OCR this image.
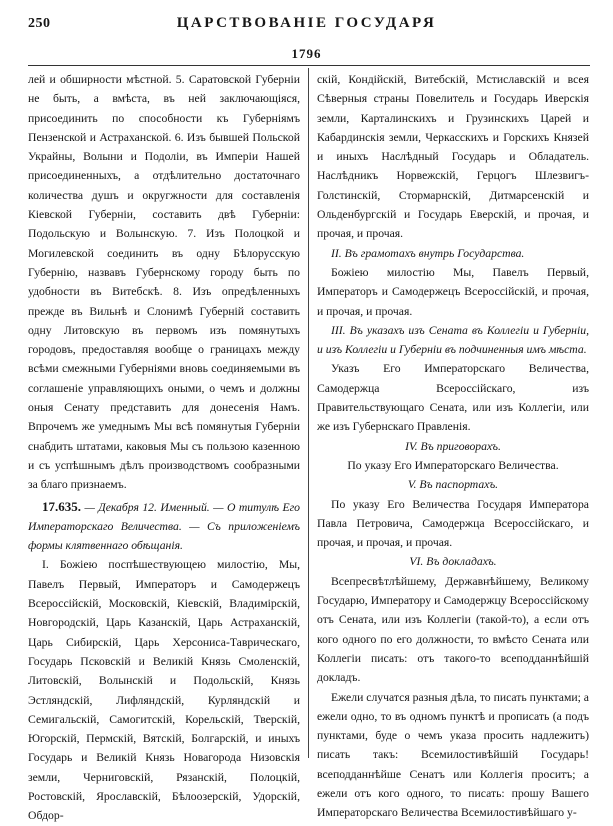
250	ЦАРСТВОВАНІЕ ГОСУДАРЯ
1796

лей и обширности мѣстной. 5. Саратовской Губерніи не быть, а вмѣста, въ ней заключающіяся, присоединить по способности къ Губерніямъ Пензенской и Астраханской. 6. Изъ бывшей Польской Украйны, Волыни и Подоліи, въ Имперіи Нашей присоединенныхъ, а отдѣлительно достаточнаго количества душъ и округжности для составленія Кіевской Губерніи, составить двѣ Губерніи: Подольскую и Волынскую. 7. Изъ Полоцкой и Могилевской соединить въ одну Бѣлорусскую Губернію, назвавъ Губернскому городу быть по удобности въ Витебскѣ. 8. Изъ опредѣленныхъ прежде въ Вильнѣ и Слонимѣ Губерній составить одну Литовскую въ первомъ изъ помянутыхъ городовъ, предоставляя вообще о границахъ между всѣми смежными Губерніями вновь соединяемыми въ соглашеніе управляющихъ оными, о чемъ и должны оныя Сенату представить для донесенія Намъ. Впрочемъ же умеднымъ Мы всѣ помянутыя Губерніи снабдить штатами, каковыя Мы съ пользою казенною и съ успѣшнымъ дѣлъ производствомъ сообразными за благо признаемъ.

17.635. — Декабря 12. Именный. — О титулѣ Его Императорскаго Величества. — Съ приложеніемъ формы клятвеннаго обѣщанія.

I. Божіею поспѣшествующею милостію, Мы, Павелъ Первый, Императоръ и Самодержецъ Всероссійскій, Московскій, Кіевскій, Владимірскій, Новгородскій, Царь Казанскій, Царь Астраханскій, Царь Сибирскій, Царь Херсониса-Таврическаго, Государь Псковскій и Великій Князь Смоленскій, Литовскій, Волынскій и Подольскій, Князь Эстляндскій, Лифляндскій, Курляндскій и Семигальскій, Самогитскій, Корельскій, Тверскій, Югорскій, Пермскій, Вятскій, Болгарскій, и иныхъ Государь и Великій Князь Новагорода Низовскія земли, Черниговскій, Рязанскій, Полоцкій, Ростовскій, Ярославскій, Бѣлоозерскій, Удорскій, Обдор-

скій, Кондійскій, Витебскій, Мстиславскій и всея Сѣверныя страны Повелитель и Государь Иверскія земли, Карталинскихъ и Грузинскихъ Царей и Кабардинскія земли, Черкасскихъ и Горскихъ Князей и иныхъ Наслѣдный Государь и Обладатель. Наслѣдникъ Норвежскій, Герцогъ Шлезвигъ-Голстинскій, Стормарнскій, Дитмарсенскій и Ольденбургскій и Государь Еверскій, и прочая, и прочая, и прочая.

II. Въ грамотахъ внутрь Государства.

Божіею милостію Мы, Павелъ Первый, Императоръ и Самодержецъ Всероссійскій, и прочая, и прочая, и прочая.

III. Въ указахъ изъ Сената въ Коллегіи и Губерніи, и изъ Коллегіи и Губерніи въ подчиненныя имъ мѣста.

Указъ Его Императорскаго Величества, Самодержца Всероссійскаго, изъ Правительствующаго Сената, или изъ Коллегіи, или же изъ Губернскаго Правленія.

IV. Въ приговорахъ.

По указу Его Императорскаго Величества.

V. Въ паспортахъ.

По указу Его Величества Государя Императора Павла Петровича, Самодержца Всероссійскаго, и прочая, и прочая, и прочая.

VI. Въ докладахъ.

Всепресвѣтлѣйшему, Державнѣйшему, Великому Государю, Императору и Самодержцу Всероссійскому отъ Сената, или изъ Коллегіи (такой-то), а если отъ кого одного по его должности, то вмѣсто Сената или Коллегіи писать: отъ такого-то всеподданнѣйшій докладъ.

Ежели случатся разныя дѣла, то писать пунктами; а ежели одно, то въ одномъ пунктѣ и прописать (а подъ пунктами, буде о чемъ указа просить надлежитъ) писать такъ: Всемилостивѣйшій Государь! всеподданнѣйше Сенатъ или Коллегія проситъ; а ежели отъ кого одного, то писать: прошу Вашего Императорскаго Величества Всемилостивѣйшаго у-
